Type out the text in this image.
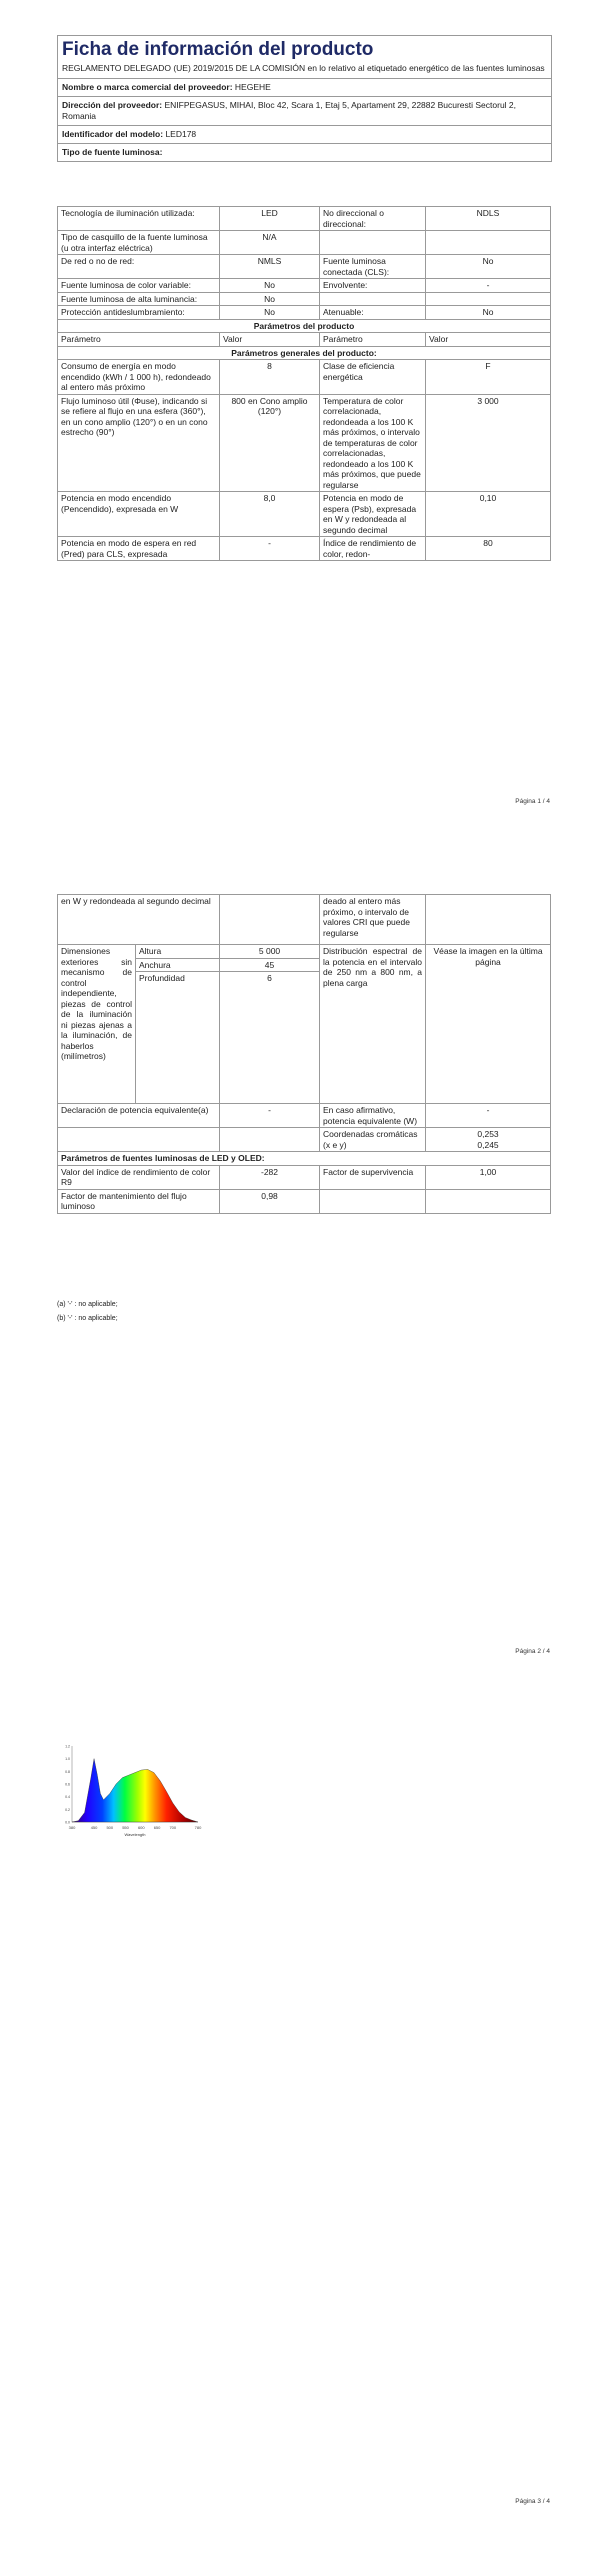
Ficha de información del producto
REGLAMENTO DELEGADO (UE) 2019/2015 DE LA COMISIÓN en lo relativo al etiquetado energético de las fuentes luminosas
Nombre o marca comercial del proveedor: HEGEHE
Dirección del proveedor: ENIFPEGASUS, MIHAI, Bloc 42, Scara 1, Etaj 5, Apartament 29, 22882 Bucuresti Sectorul 2, Romania
Identificador del modelo: LED178
Tipo de fuente luminosa:
Tecnología de iluminación utilizada:	LED	No direccional o direccional:	NDLS
Tipo de casquillo de la fuente luminosa
(u otra interfaz eléctrica)	N/A		
De red o no de red:	NMLS	Fuente luminosa conectada (CLS):	No
Fuente luminosa de color variable:	No	Envolvente:	-
Fuente luminosa de alta luminancia:	No		
Protección antideslumbramiento:	No	Atenuable:	No
Parámetros del producto			
Parámetro	Valor	Parámetro	Valor
Parámetros generales del producto:			
Consumo de energía en modo encendido (kWh / 1 000 h), redondeado al entero más próximo	8	Clase de eficiencia energética	F
Flujo luminoso útil (Φuse), indicando si se refiere al flujo en una esfera (360°), en un cono amplio (120°) o en un cono estrecho (90°)	800 en Cono amplio (120°)	Temperatura de color correlacionada, redondeada a los 100 K más próximos, o intervalo de temperaturas de color correlacionadas, redondeado a los 100 K más próximos, que puede regularse	3 000
Potencia en modo encendido (Pencendido), expresada en W	8,0	Potencia en modo de espera (Psb), expresada en W y redondeada al segundo decimal	0,10
Potencia en modo de espera en red (Pred) para CLS, expresada	-	Índice de rendimiento de color, redon-	80
Página 1 / 4
en W y redondeada al segundo decimal			deado al entero más próximo, o intervalo de valores CRI que puede regularse	
Dimensiones exteriores sin mecanismo de control independiente, piezas de control de la iluminación ni piezas ajenas a la iluminación, de haberlos (milímetros)	Altura	5 000	Distribución espectral de la potencia en el intervalo de 250 nm a 800 nm, a plena carga	Véase la imagen en la última página
	Anchura	45		
	Profundidad	6		
Declaración de potencia equivalente(a)		-	En caso afirmativo, potencia equivalente (W)	-
			Coordenadas cromáticas (x e y)	0,253
0,245
Parámetros de fuentes luminosas de LED y OLED:				
Valor del índice de rendimiento de color R9		-282	Factor de supervivencia	1,00
Factor de mantenimiento del flujo luminoso		0,98		
(a) '-' : no aplicable;
(b) '-' : no aplicable;
Página 2 / 4
Página 3 / 4
380	450 500 550 600 650 700	780
0.0
0.2
0.4
0.6
0.8
1.0
1.2
Wavelength
